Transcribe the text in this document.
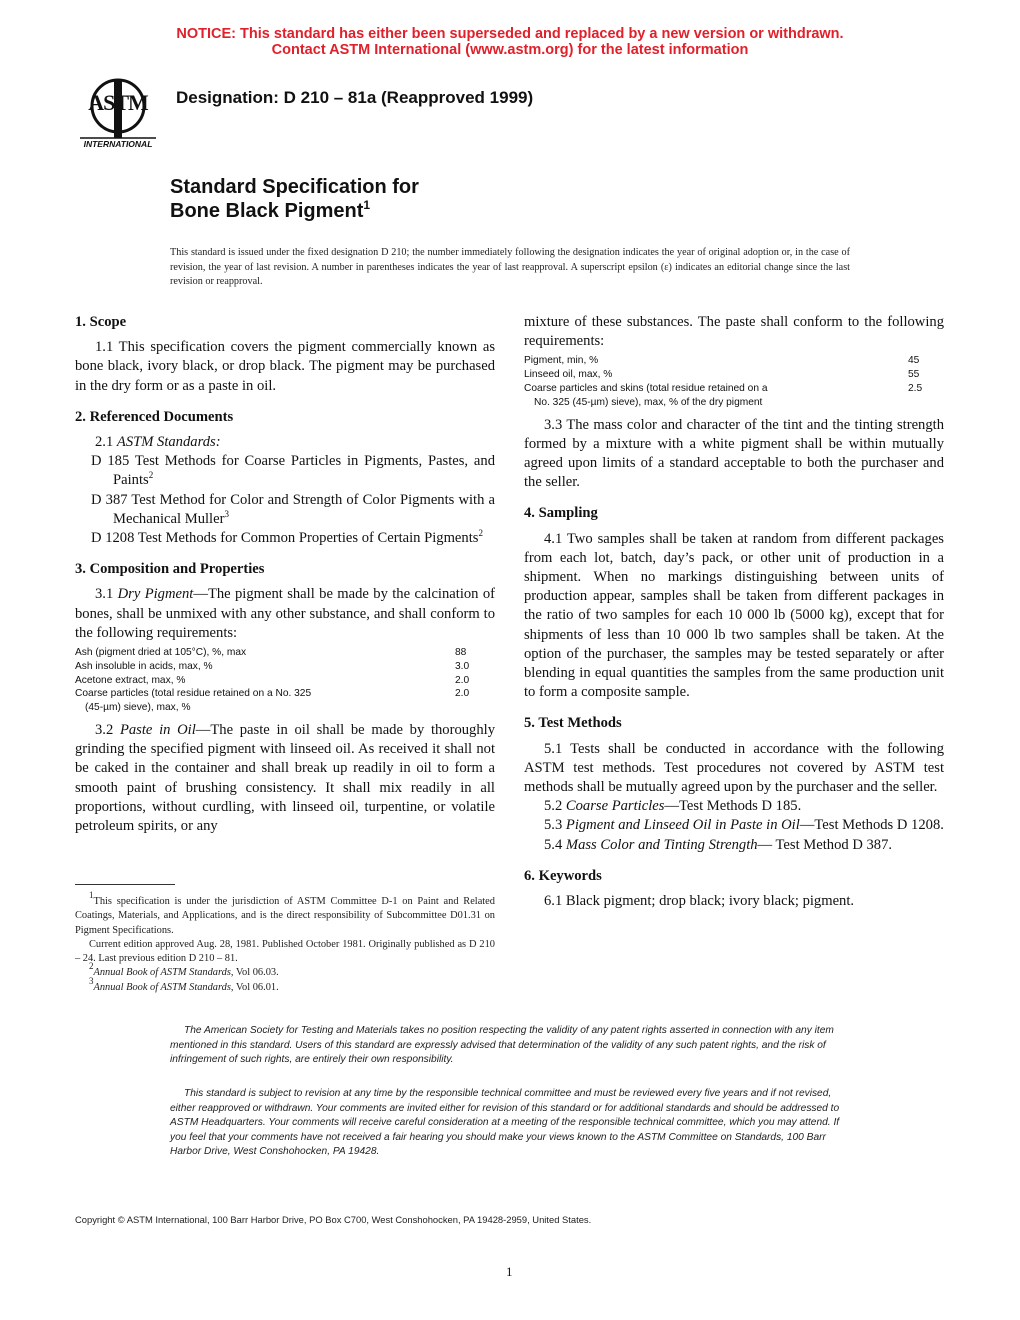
NOTICE: This standard has either been superseded and replaced by a new version or withdrawn.
Contact ASTM International (www.astm.org) for the latest information
ASTM
INTERNATIONAL
Designation: D 210 – 81a (Reapproved 1999)
Standard Specification for
Bone Black Pigment$^1$
This standard is issued under the fixed designation D 210; the number immediately following the designation indicates the year of original adoption or, in the case of revision, the year of last revision. A number in parentheses indicates the year of last reapproval. A superscript epsilon (ε) indicates an editorial change since the last revision or reapproval.
1. Scope

1.1 This specification covers the pigment commercially known as bone black, ivory black, or drop black. The pigment may be purchased in the dry form or as a paste in oil.

2. Referenced Documents

2.1 ASTM Standards:

D 185 Test Methods for Coarse Particles in Pigments, Pastes, and Paints$^2$

D 387 Test Method for Color and Strength of Color Pigments with a Mechanical Muller$^3$

D 1208 Test Methods for Common Properties of Certain Pigments$^2$

3. Composition and Properties

3.1 Dry Pigment—The pigment shall be made by the calcination of bones, shall be unmixed with any other substance, and shall conform to the following requirements:

Ash (pigment dried at 105°C), %, max	88
Ash insoluble in acids, max, %	3.0
Acetone extract, max, %	2.0
Coarse particles (total residue retained on a No. 325	2.0
(45-µm) sieve), max, %

3.2 Paste in Oil—The paste in oil shall be made by thoroughly grinding the specified pigment with linseed oil. As received it shall not be caked in the container and shall break up readily in oil to form a smooth paint of brushing consistency. It shall mix readily in all proportions, without curdling, with linseed oil, turpentine, or volatile petroleum spirits, or any

mixture of these substances. The paste shall conform to the following requirements:

Pigment, min, %	45
Linseed oil, max, %	55
Coarse particles and skins (total residue retained on a	2.5
No. 325 (45-µm) sieve), max, % of the dry pigment

3.3 The mass color and character of the tint and the tinting strength formed by a mixture with a white pigment shall be within mutually agreed upon limits of a standard acceptable to both the purchaser and the seller.

4. Sampling

4.1 Two samples shall be taken at random from different packages from each lot, batch, day’s pack, or other unit of production in a shipment. When no markings distinguishing between units of production appear, samples shall be taken from different packages in the ratio of two samples for each 10 000 lb (5000 kg), except that for shipments of less than 10 000 lb two samples shall be taken. At the option of the purchaser, the samples may be tested separately or after blending in equal quantities the samples from the same production unit to form a composite sample.

5. Test Methods

5.1 Tests shall be conducted in accordance with the following ASTM test methods. Test procedures not covered by ASTM test methods shall be mutually agreed upon by the purchaser and the seller.

5.2 Coarse Particles—Test Methods D 185.

5.3 Pigment and Linseed Oil in Paste in Oil—Test Methods D 1208.

5.4 Mass Color and Tinting Strength— Test Method D 387.

6. Keywords

6.1 Black pigment; drop black; ivory black; pigment.

$^1$This specification is under the jurisdiction of ASTM Committee D-1 on Paint and Related Coatings, Materials, and Applications, and is the direct responsibility of Subcommittee D01.31 on Pigment Specifications.

Current edition approved Aug. 28, 1981. Published October 1981. Originally published as D 210 – 24. Last previous edition D 210 – 81.

$^2$Annual Book of ASTM Standards, Vol 06.03.

$^3$Annual Book of ASTM Standards, Vol 06.01.

The American Society for Testing and Materials takes no position respecting the validity of any patent rights asserted in connection with any item mentioned in this standard. Users of this standard are expressly advised that determination of the validity of any such patent rights, and the risk of infringement of such rights, are entirely their own responsibility.

This standard is subject to revision at any time by the responsible technical committee and must be reviewed every five years and if not revised, either reapproved or withdrawn. Your comments are invited either for revision of this standard or for additional standards and should be addressed to ASTM Headquarters. Your comments will receive careful consideration at a meeting of the responsible technical committee, which you may attend. If you feel that your comments have not received a fair hearing you should make your views known to the ASTM Committee on Standards, 100 Barr Harbor Drive, West Conshohocken, PA 19428.

Copyright © ASTM International, 100 Barr Harbor Drive, PO Box C700, West Conshohocken, PA 19428-2959, United States.
1
